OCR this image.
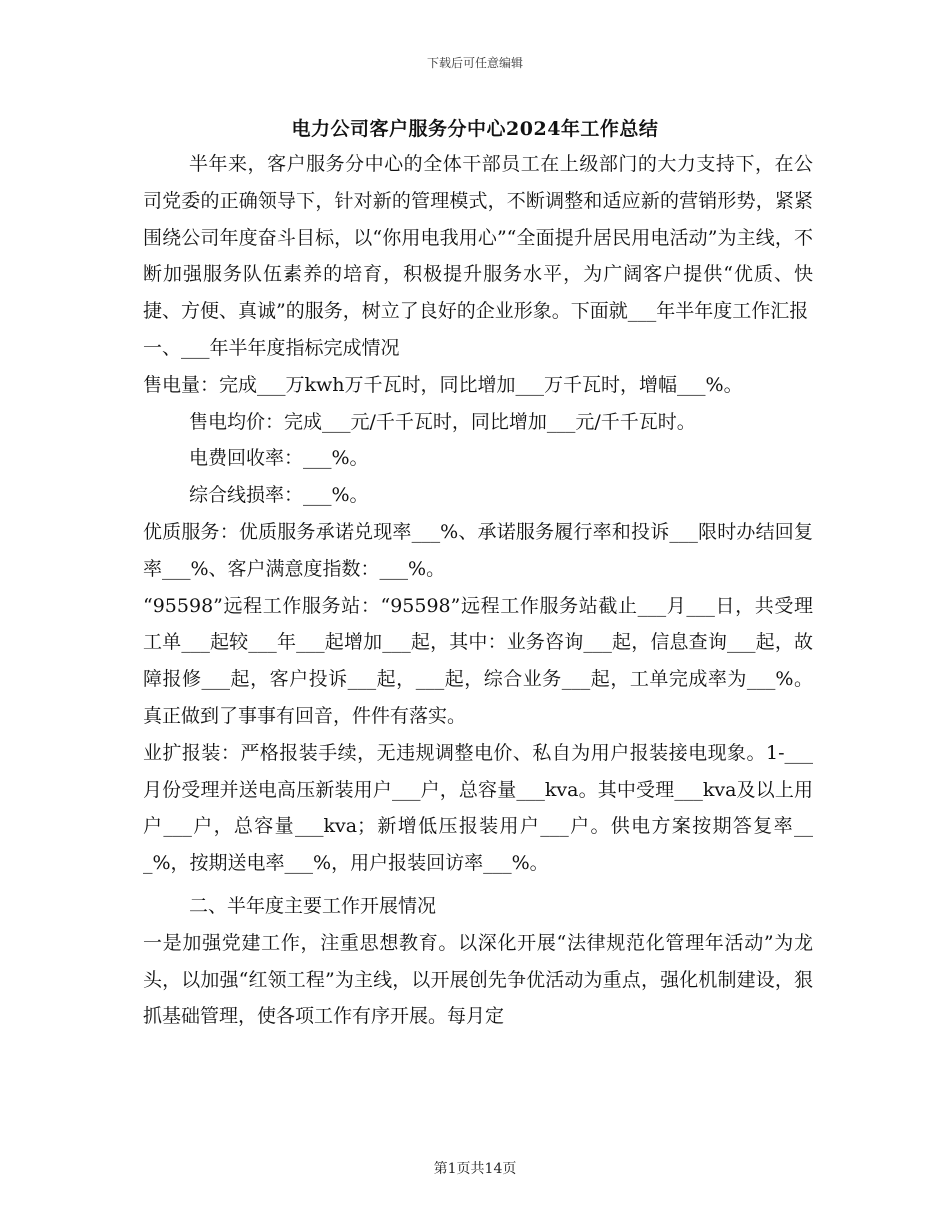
下载后可任意编辑
电力公司客户服务分中心2024年工作总结

半年来，客户服务分中心的全体干部员工在上级部门的大力支持下，在公司党委的正确领导下，针对新的管理模式，不断调整和适应新的营销形势，紧紧围绕公司年度奋斗目标，以“你用电我用心”“全面提升居民用电活动”为主线，不断加强服务队伍素养的培育，积极提升服务水平，为广阔客户提供“优质、快捷、方便、真诚”的服务，树立了良好的企业形象。下面就___年半年度工作汇报

一、___年半年度指标完成情况

售电量：完成___万kwh万千瓦时，同比增加___万千瓦时，增幅___%。

售电均价：完成___元/千千瓦时，同比增加___元/千千瓦时。

电费回收率：___%。

综合线损率：___%。

优质服务：优质服务承诺兑现率___%、承诺服务履行率和投诉___限时办结回复率___%、客户满意度指数：___%。

“95598”远程工作服务站：“95598”远程工作服务站截止___月___日，共受理工单___起较___年___起增加___起，其中：业务咨询___起，信息查询___起，故障报修___起，客户投诉___起，___起，综合业务___起，工单完成率为___%。真正做到了事事有回音，件件有落实。

业扩报装：严格报装手续，无违规调整电价、私自为用户报装接电现象。1-___月份受理并送电高压新装用户___户，总容量___kva。其中受理___kva及以上用户___户，总容量___kva；新增低压报装用户___户。供电方案按期答复率___%，按期送电率___%，用户报装回访率___%。

二、半年度主要工作开展情况

一是加强党建工作，注重思想教育。以深化开展“法律规范化管理年活动”为龙头，以加强“红领工程”为主线，以开展创先争优活动为重点，强化机制建设，狠抓基础管理，使各项工作有序开展。每月定

第1页共14页
